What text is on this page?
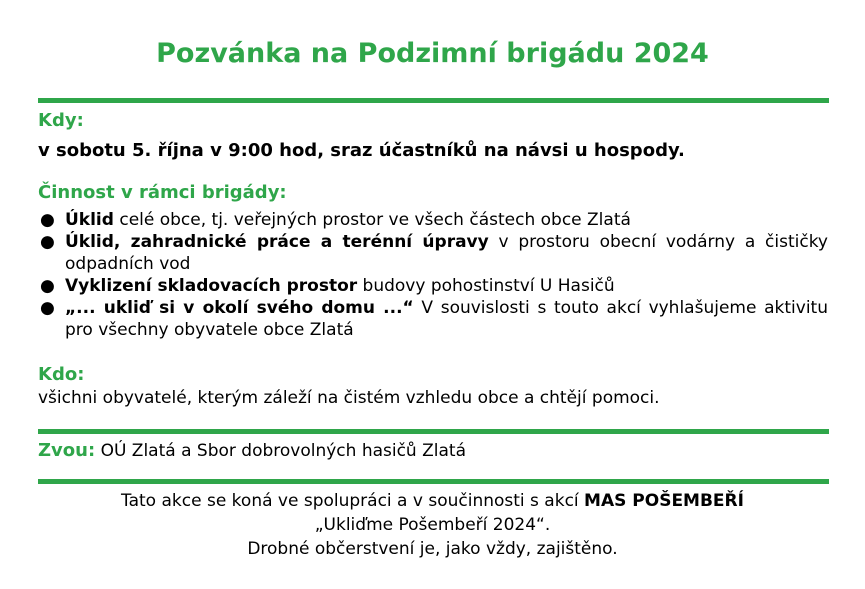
Pozvánka na Podzimní brigádu 2024
Kdy:
v sobotu 5. října v 9:00 hod, sraz účastníků na návsi u hospody.
Činnost v rámci brigády:
● Úklid celé obce, tj. veřejných prostor ve všech částech obce Zlatá
● Úklid, zahradnické práce a terénní úpravy v prostoru obecní vodárny a čističky odpadních vod
● Vyklizení skladovacích prostor budovy pohostinství U Hasičů
● „... ukliď si v okolí svého domu ...“ V souvislosti s touto akcí vyhlašujeme aktivitu pro všechny obyvatele obce Zlatá
Kdo:
všichni obyvatelé, kterým záleží na čistém vzhledu obce a chtějí pomoci.
Zvou: OÚ Zlatá a Sbor dobrovolných hasičů Zlatá
Tato akce se koná ve spolupráci a v součinnosti s akcí MAS POŠEMBEŘÍ
„Ukliďme Pošembeří 2024“.
Drobné občerstvení je, jako vždy, zajištěno.
